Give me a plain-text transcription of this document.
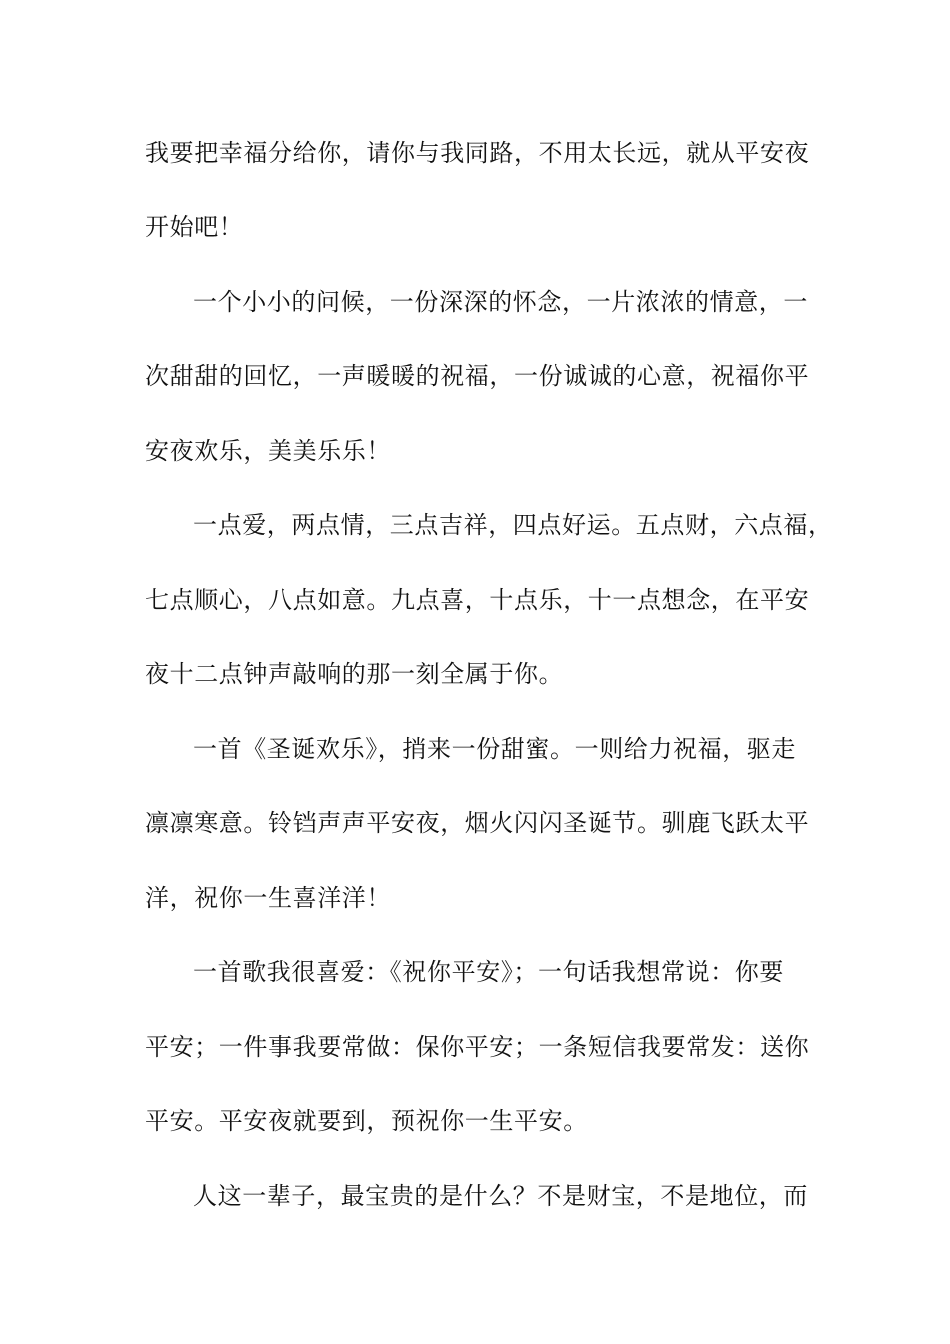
我要把幸福分给你，请你与我同路，不用太长远，就从平安夜
开始吧！
一个小小的问候，一份深深的怀念，一片浓浓的情意，一
次甜甜的回忆，一声暖暖的祝福，一份诚诚的心意，祝福你平
安夜欢乐，美美乐乐！
一点爱，两点情，三点吉祥，四点好运。五点财，六点福，
七点顺心，八点如意。九点喜，十点乐，十一点想念，在平安
夜十二点钟声敲响的那一刻全属于你。
一首《圣诞欢乐》，捎来一份甜蜜。一则给力祝福，驱走
凛凛寒意。铃铛声声平安夜，烟火闪闪圣诞节。驯鹿飞跃太平
洋，祝你一生喜洋洋！
一首歌我很喜爱：《祝你平安》；一句话我想常说：你要
平安；一件事我要常做：保你平安；一条短信我要常发：送你
平安。平安夜就要到，预祝你一生平安。
人这一辈子，最宝贵的是什么？不是财宝，不是地位，而
